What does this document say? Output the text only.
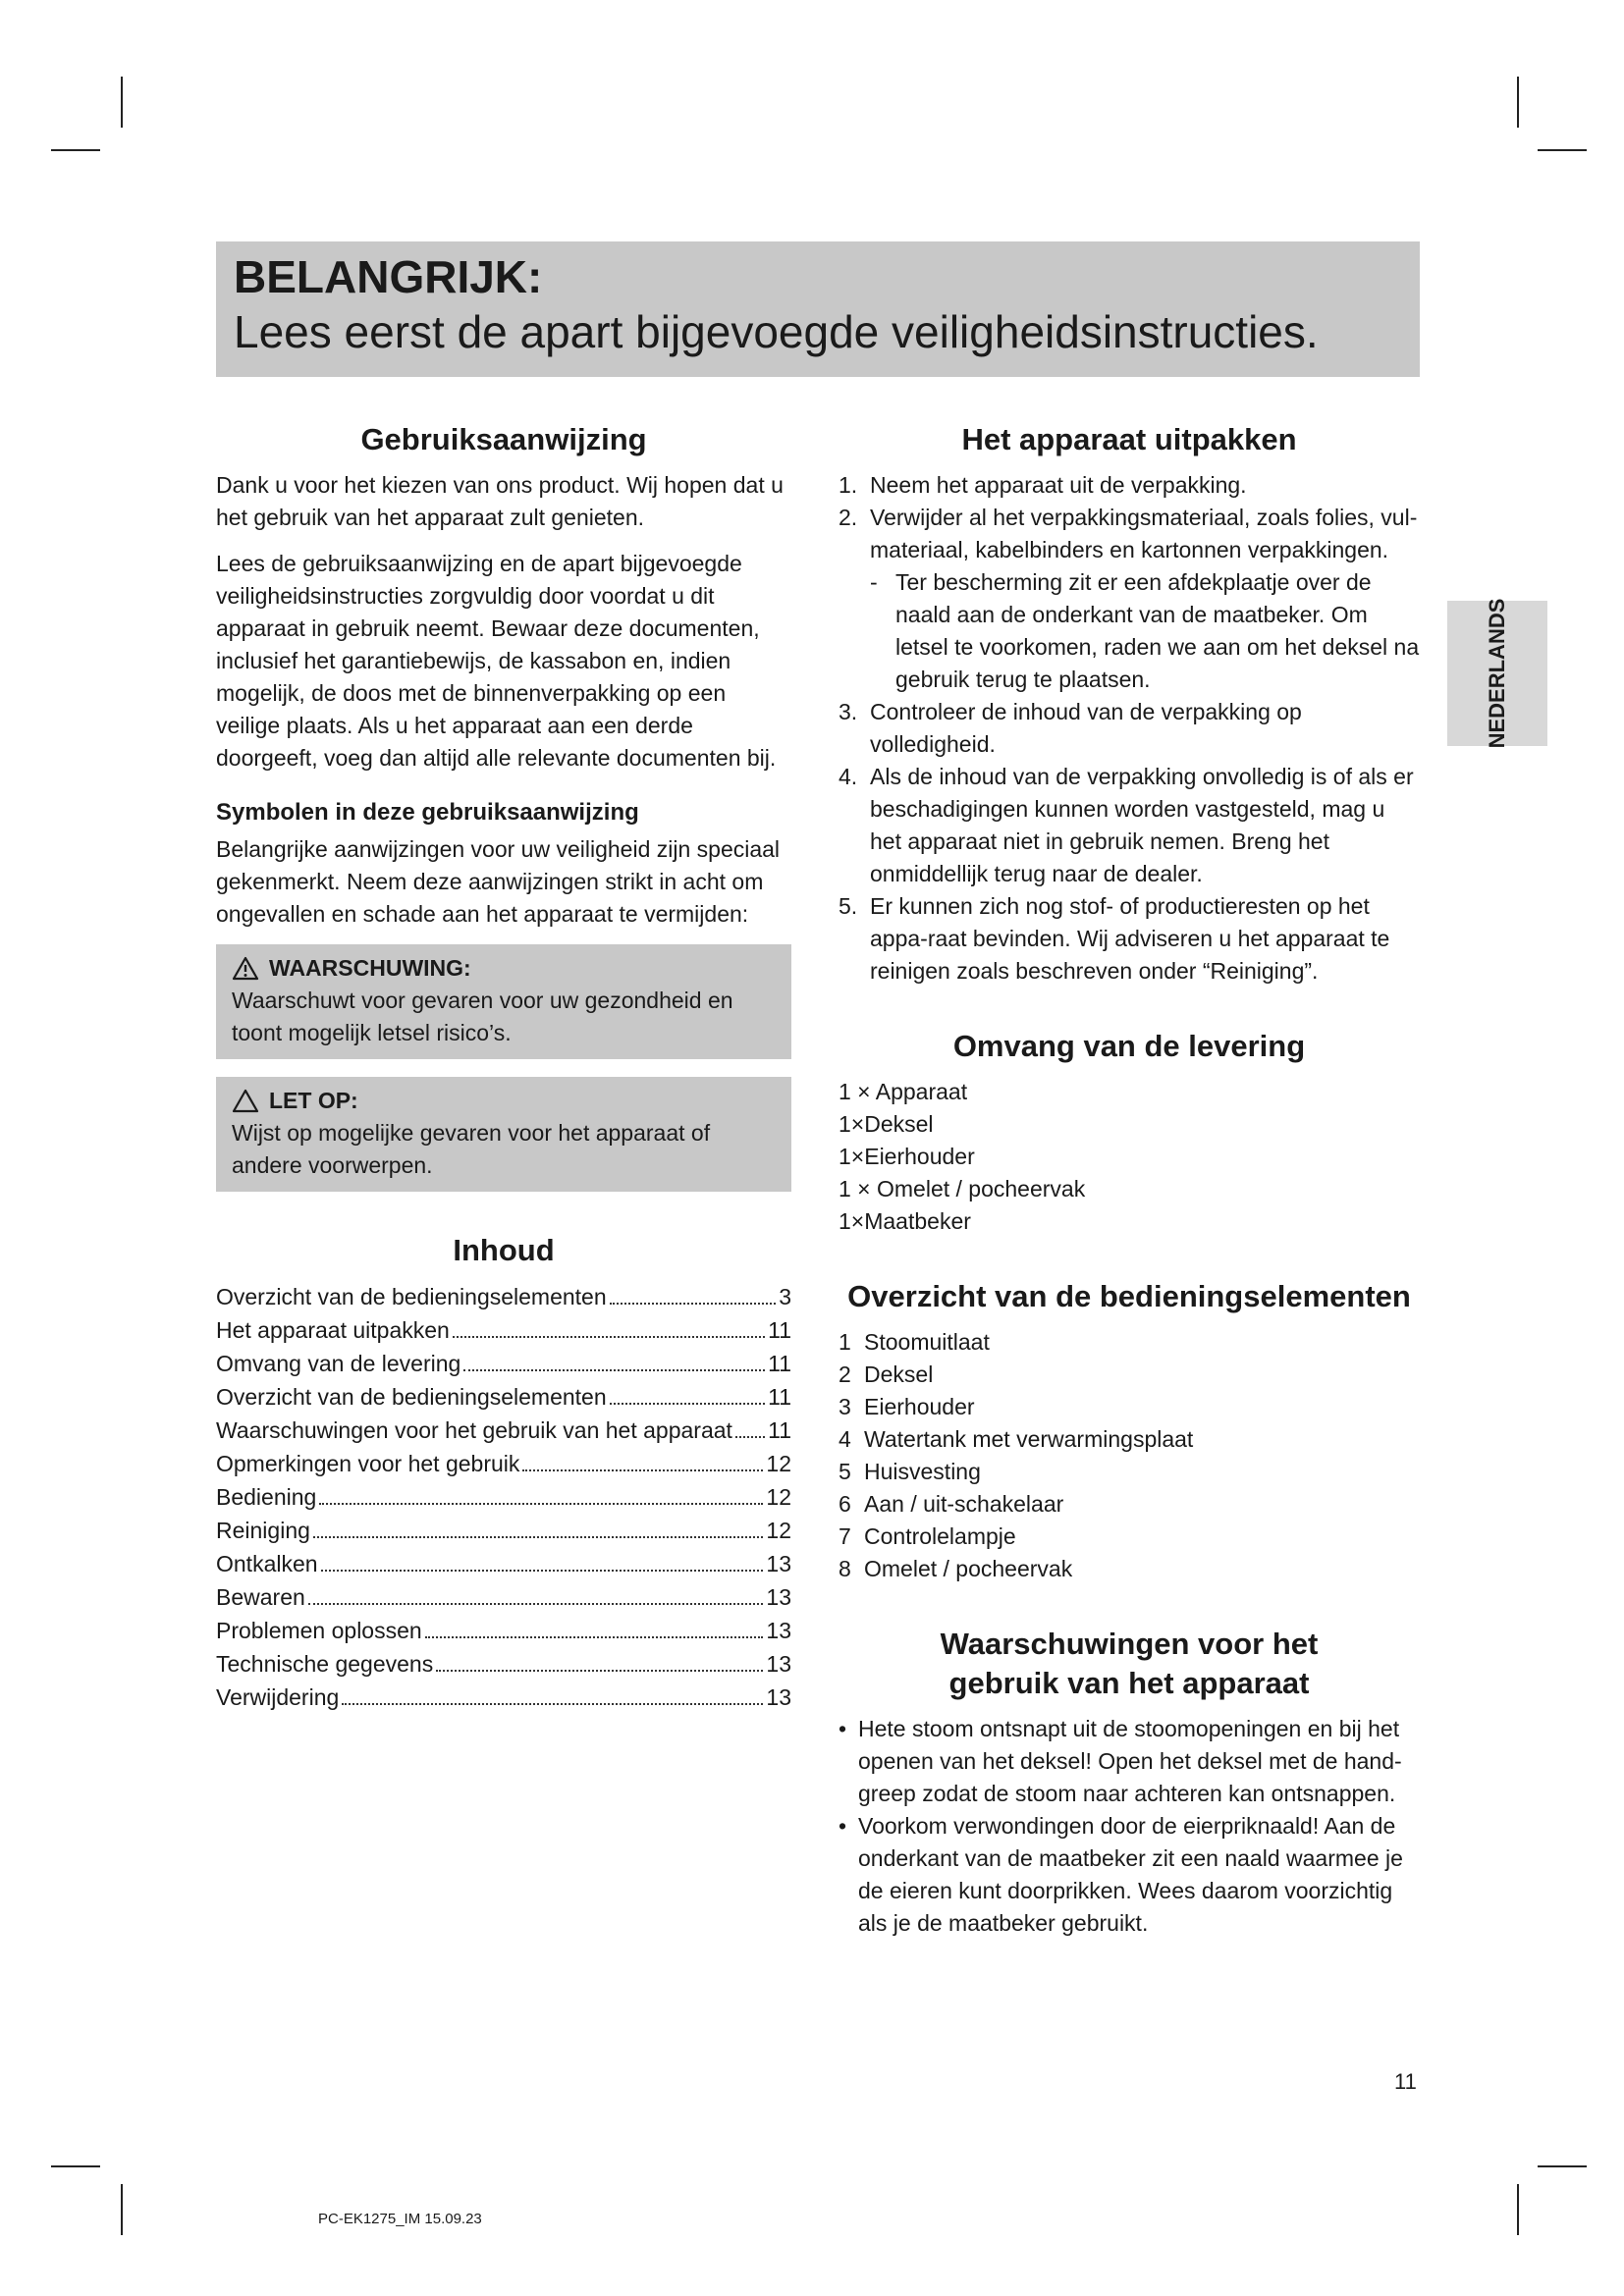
BELANGRIJK:
Lees eerst de apart bijgevoegde veiligheidsinstructies.
Gebruiksaanwijzing

Dank u voor het kiezen van ons product. Wij hopen dat u het gebruik van het apparaat zult genieten.

Lees de gebruiksaanwijzing en de apart bijgevoegde veiligheidsinstructies zorgvuldig door voordat u dit apparaat in gebruik neemt. Bewaar deze documenten, inclusief het garantiebewijs, de kassabon en, indien mogelijk, de doos met de binnenverpakking op een veilige plaats. Als u het apparaat aan een derde doorgeeft, voeg dan altijd alle relevante documenten bij.

Symbolen in deze gebruiksaanwijzing

Belangrijke aanwijzingen voor uw veiligheid zijn speciaal gekenmerkt. Neem deze aanwijzingen strikt in acht om ongevallen en schade aan het apparaat te vermijden:

WAARSCHUWING:
Waarschuwt voor gevaren voor uw gezondheid en toont mogelijk letsel risico’s.
LET OP:
Wijst op mogelijke gevaren voor het apparaat of andere voorwerpen.
Inhoud
Overzicht van de bedieningselementen	3
Het apparaat uitpakken	11
Omvang van de levering	11
Overzicht van de bedieningselementen	11
Waarschuwingen voor het gebruik van het apparaat 11
Opmerkingen voor het gebruik	12
Bediening	12
Reiniging	12
Ontkalken	13
Bewaren	13
Problemen oplossen	13
Technische gegevens	13
Verwijdering	13
Het apparaat uitpakken
1. Neem het apparaat uit de verpakking.
2. Verwijder al het verpakkingsmateriaal, zoals folies, vul-materiaal, kabelbinders en kartonnen verpakkingen.
- Ter bescherming zit er een afdekplaatje over de naald aan de onderkant van de maatbeker. Om letsel te voorkomen, raden we aan om het deksel na gebruik terug te plaatsen.
3. Controleer de inhoud van de verpakking op volledigheid.
4. Als de inhoud van de verpakking onvolledig is of als er beschadigingen kunnen worden vastgesteld, mag u het apparaat niet in gebruik nemen. Breng het onmiddellijk terug naar de dealer.
5. Er kunnen zich nog stof- of productieresten op het appa-raat bevinden. Wij adviseren u het apparaat te reinigen zoals beschreven onder “Reiniging”.
Omvang van de levering
1 × Apparaat
1×Deksel
1×Eierhouder
1 × Omelet / pocheervak
1×Maatbeker
Overzicht van de bedieningselementen
1 Stoomuitlaat
2 Deksel
3 Eierhouder
4 Watertank met verwarmingsplaat
5 Huisvesting
6 Aan / uit-schakelaar
7 Controlelampje
8 Omelet / pocheervak
Waarschuwingen voor het
gebruik van het apparaat
• Hete stoom ontsnapt uit de stoomopeningen en bij het openen van het deksel! Open het deksel met de hand-greep zodat de stoom naar achteren kan ontsnappen.
• Voorkom verwondingen door de eierpriknaald! Aan de onderkant van de maatbeker zit een naald waarmee je de eieren kunt doorprikken. Wees daarom voorzichtig als je de maatbeker gebruikt.
NEDERLANDS
11
PC-EK1275_IM 15.09.23
